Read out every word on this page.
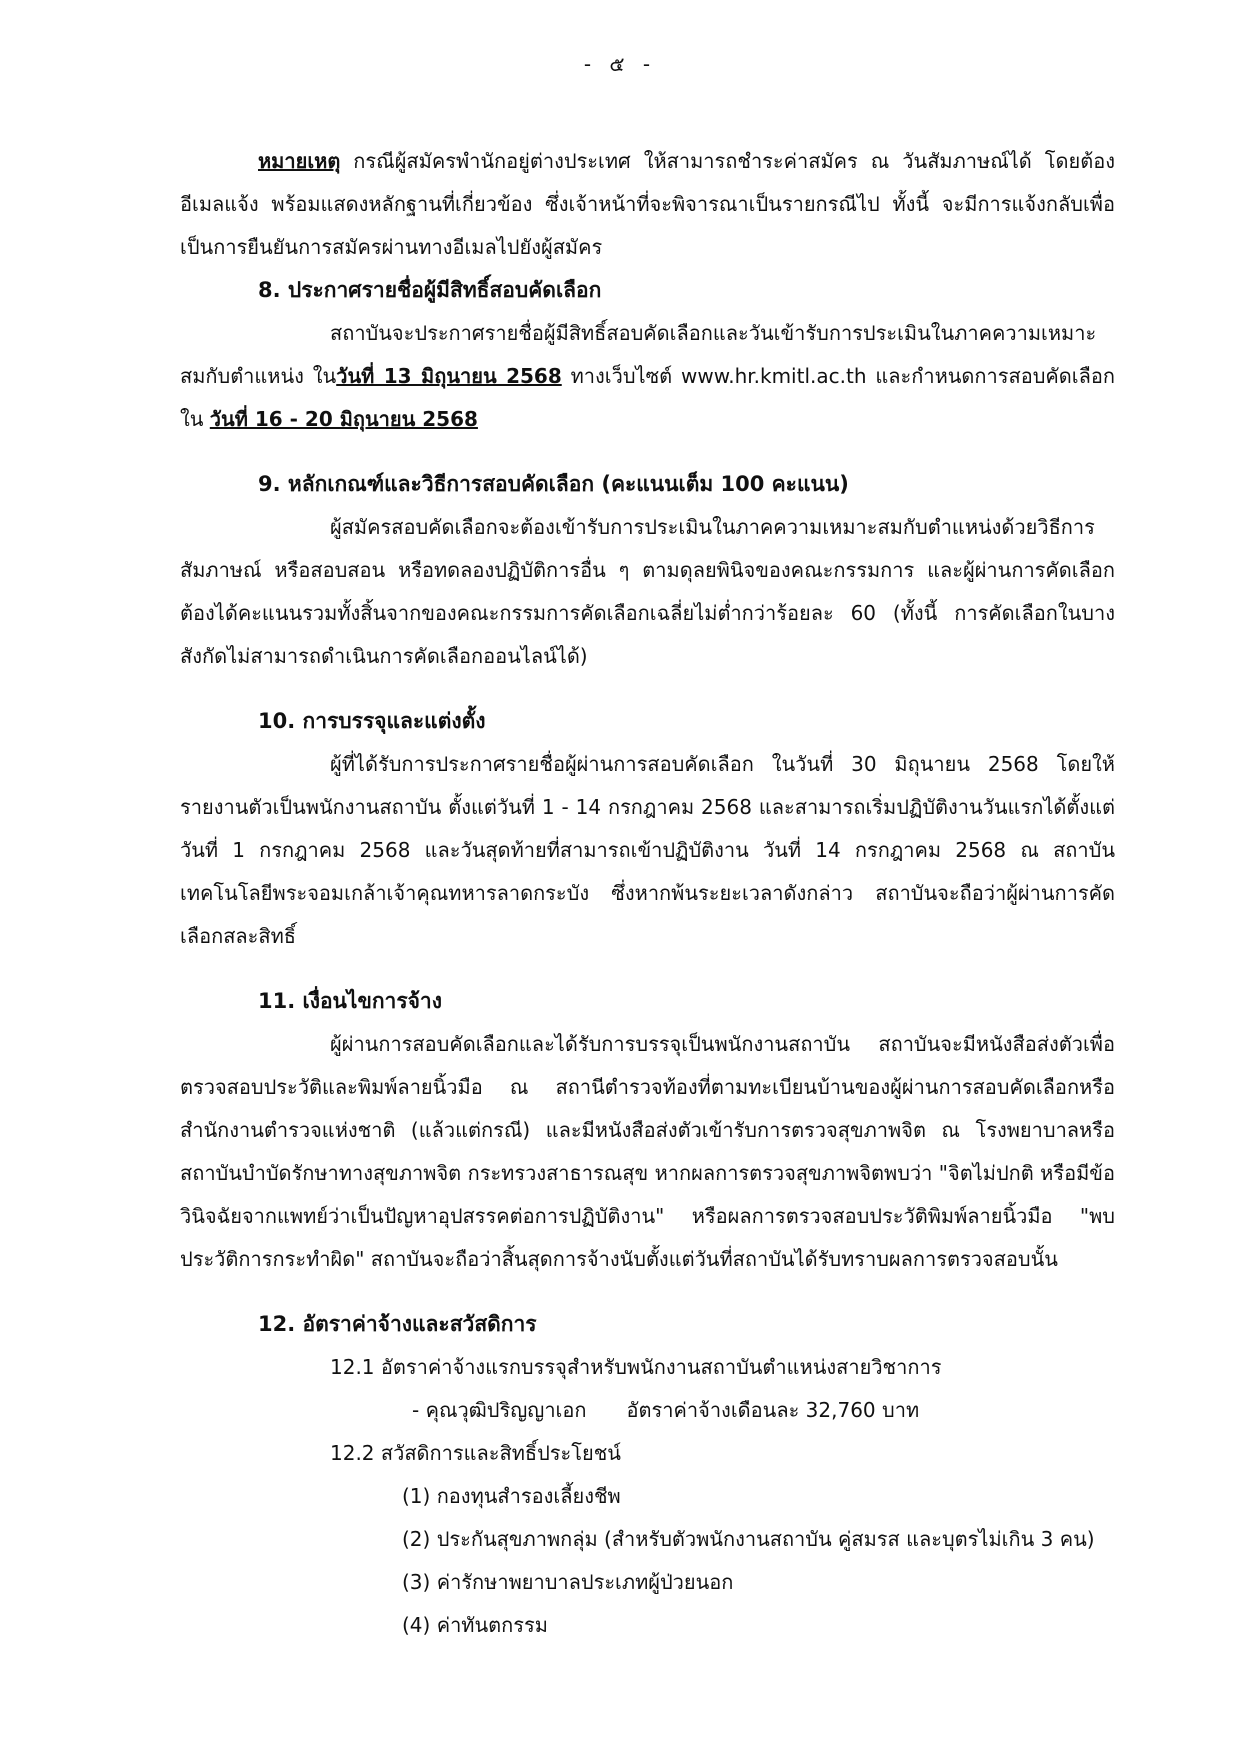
- ๕ -

หมายเหตุ กรณีผู้สมัครพำนักอยู่ต่างประเทศ ให้สามารถชำระค่าสมัคร ณ วันสัมภาษณ์ได้ โดยต้องอีเมลแจ้ง พร้อมแสดงหลักฐานที่เกี่ยวข้อง ซึ่งเจ้าหน้าที่จะพิจารณาเป็นรายกรณีไป ทั้งนี้ จะมีการแจ้งกลับเพื่อเป็นการยืนยันการสมัครผ่านทางอีเมลไปยังผู้สมัคร

8. ประกาศรายชื่อผู้มีสิทธิ์สอบคัดเลือก

สถาบันจะประกาศรายชื่อผู้มีสิทธิ์สอบคัดเลือกและวันเข้ารับการประเมินในภาคความเหมาะสมกับตำแหน่ง ในวันที่ 13 มิถุนายน 2568 ทางเว็บไซต์ www.hr.kmitl.ac.th และกำหนดการสอบคัดเลือกใน วันที่ 16 - 20 มิถุนายน 2568

9. หลักเกณฑ์และวิธีการสอบคัดเลือก (คะแนนเต็ม 100 คะแนน)

ผู้สมัครสอบคัดเลือกจะต้องเข้ารับการประเมินในภาคความเหมาะสมกับตำแหน่งด้วยวิธีการสัมภาษณ์ หรือสอบสอน หรือทดลองปฏิบัติการอื่น ๆ ตามดุลยพินิจของคณะกรรมการ และผู้ผ่านการคัดเลือกต้องได้คะแนนรวมทั้งสิ้นจากของคณะกรรมการคัดเลือกเฉลี่ยไม่ต่ำกว่าร้อยละ 60 (ทั้งนี้ การคัดเลือกในบางสังกัดไม่สามารถดำเนินการคัดเลือกออนไลน์ได้)

10. การบรรจุและแต่งตั้ง

ผู้ที่ได้รับการประกาศรายชื่อผู้ผ่านการสอบคัดเลือก ในวันที่ 30 มิถุนายน 2568 โดยให้รายงานตัวเป็นพนักงานสถาบัน ตั้งแต่วันที่ 1 - 14 กรกฎาคม 2568 และสามารถเริ่มปฏิบัติงานวันแรกได้ตั้งแต่วันที่ 1 กรกฎาคม 2568 และวันสุดท้ายที่สามารถเข้าปฏิบัติงาน วันที่ 14 กรกฎาคม 2568 ณ สถาบันเทคโนโลยีพระจอมเกล้าเจ้าคุณทหารลาดกระบัง ซึ่งหากพ้นระยะเวลาดังกล่าว สถาบันจะถือว่าผู้ผ่านการคัดเลือกสละสิทธิ์

11. เงื่อนไขการจ้าง

ผู้ผ่านการสอบคัดเลือกและได้รับการบรรจุเป็นพนักงานสถาบัน สถาบันจะมีหนังสือส่งตัวเพื่อตรวจสอบประวัติและพิมพ์ลายนิ้วมือ ณ สถานีตำรวจท้องที่ตามทะเบียนบ้านของผู้ผ่านการสอบคัดเลือกหรือสำนักงานตำรวจแห่งชาติ (แล้วแต่กรณี) และมีหนังสือส่งตัวเข้ารับการตรวจสุขภาพจิต ณ โรงพยาบาลหรือสถาบันบำบัดรักษาทางสุขภาพจิต กระทรวงสาธารณสุข หากผลการตรวจสุขภาพจิตพบว่า "จิตไม่ปกติ หรือมีข้อวินิจฉัยจากแพทย์ว่าเป็นปัญหาอุปสรรคต่อการปฏิบัติงาน" หรือผลการตรวจสอบประวัติพิมพ์ลายนิ้วมือ "พบประวัติการกระทำผิด" สถาบันจะถือว่าสิ้นสุดการจ้างนับตั้งแต่วันที่สถาบันได้รับทราบผลการตรวจสอบนั้น

12. อัตราค่าจ้างและสวัสดิการ

12.1 อัตราค่าจ้างแรกบรรจุสำหรับพนักงานสถาบันตำแหน่งสายวิชาการ

- คุณวุฒิปริญญาเอก อัตราค่าจ้างเดือนละ 32,760 บาท

12.2 สวัสดิการและสิทธิ์ประโยชน์

(1) กองทุนสำรองเลี้ยงชีพ

(2) ประกันสุขภาพกลุ่ม (สำหรับตัวพนักงานสถาบัน คู่สมรส และบุตรไม่เกิน 3 คน)

(3) ค่ารักษาพยาบาลประเภทผู้ป่วยนอก

(4) ค่าทันตกรรม
